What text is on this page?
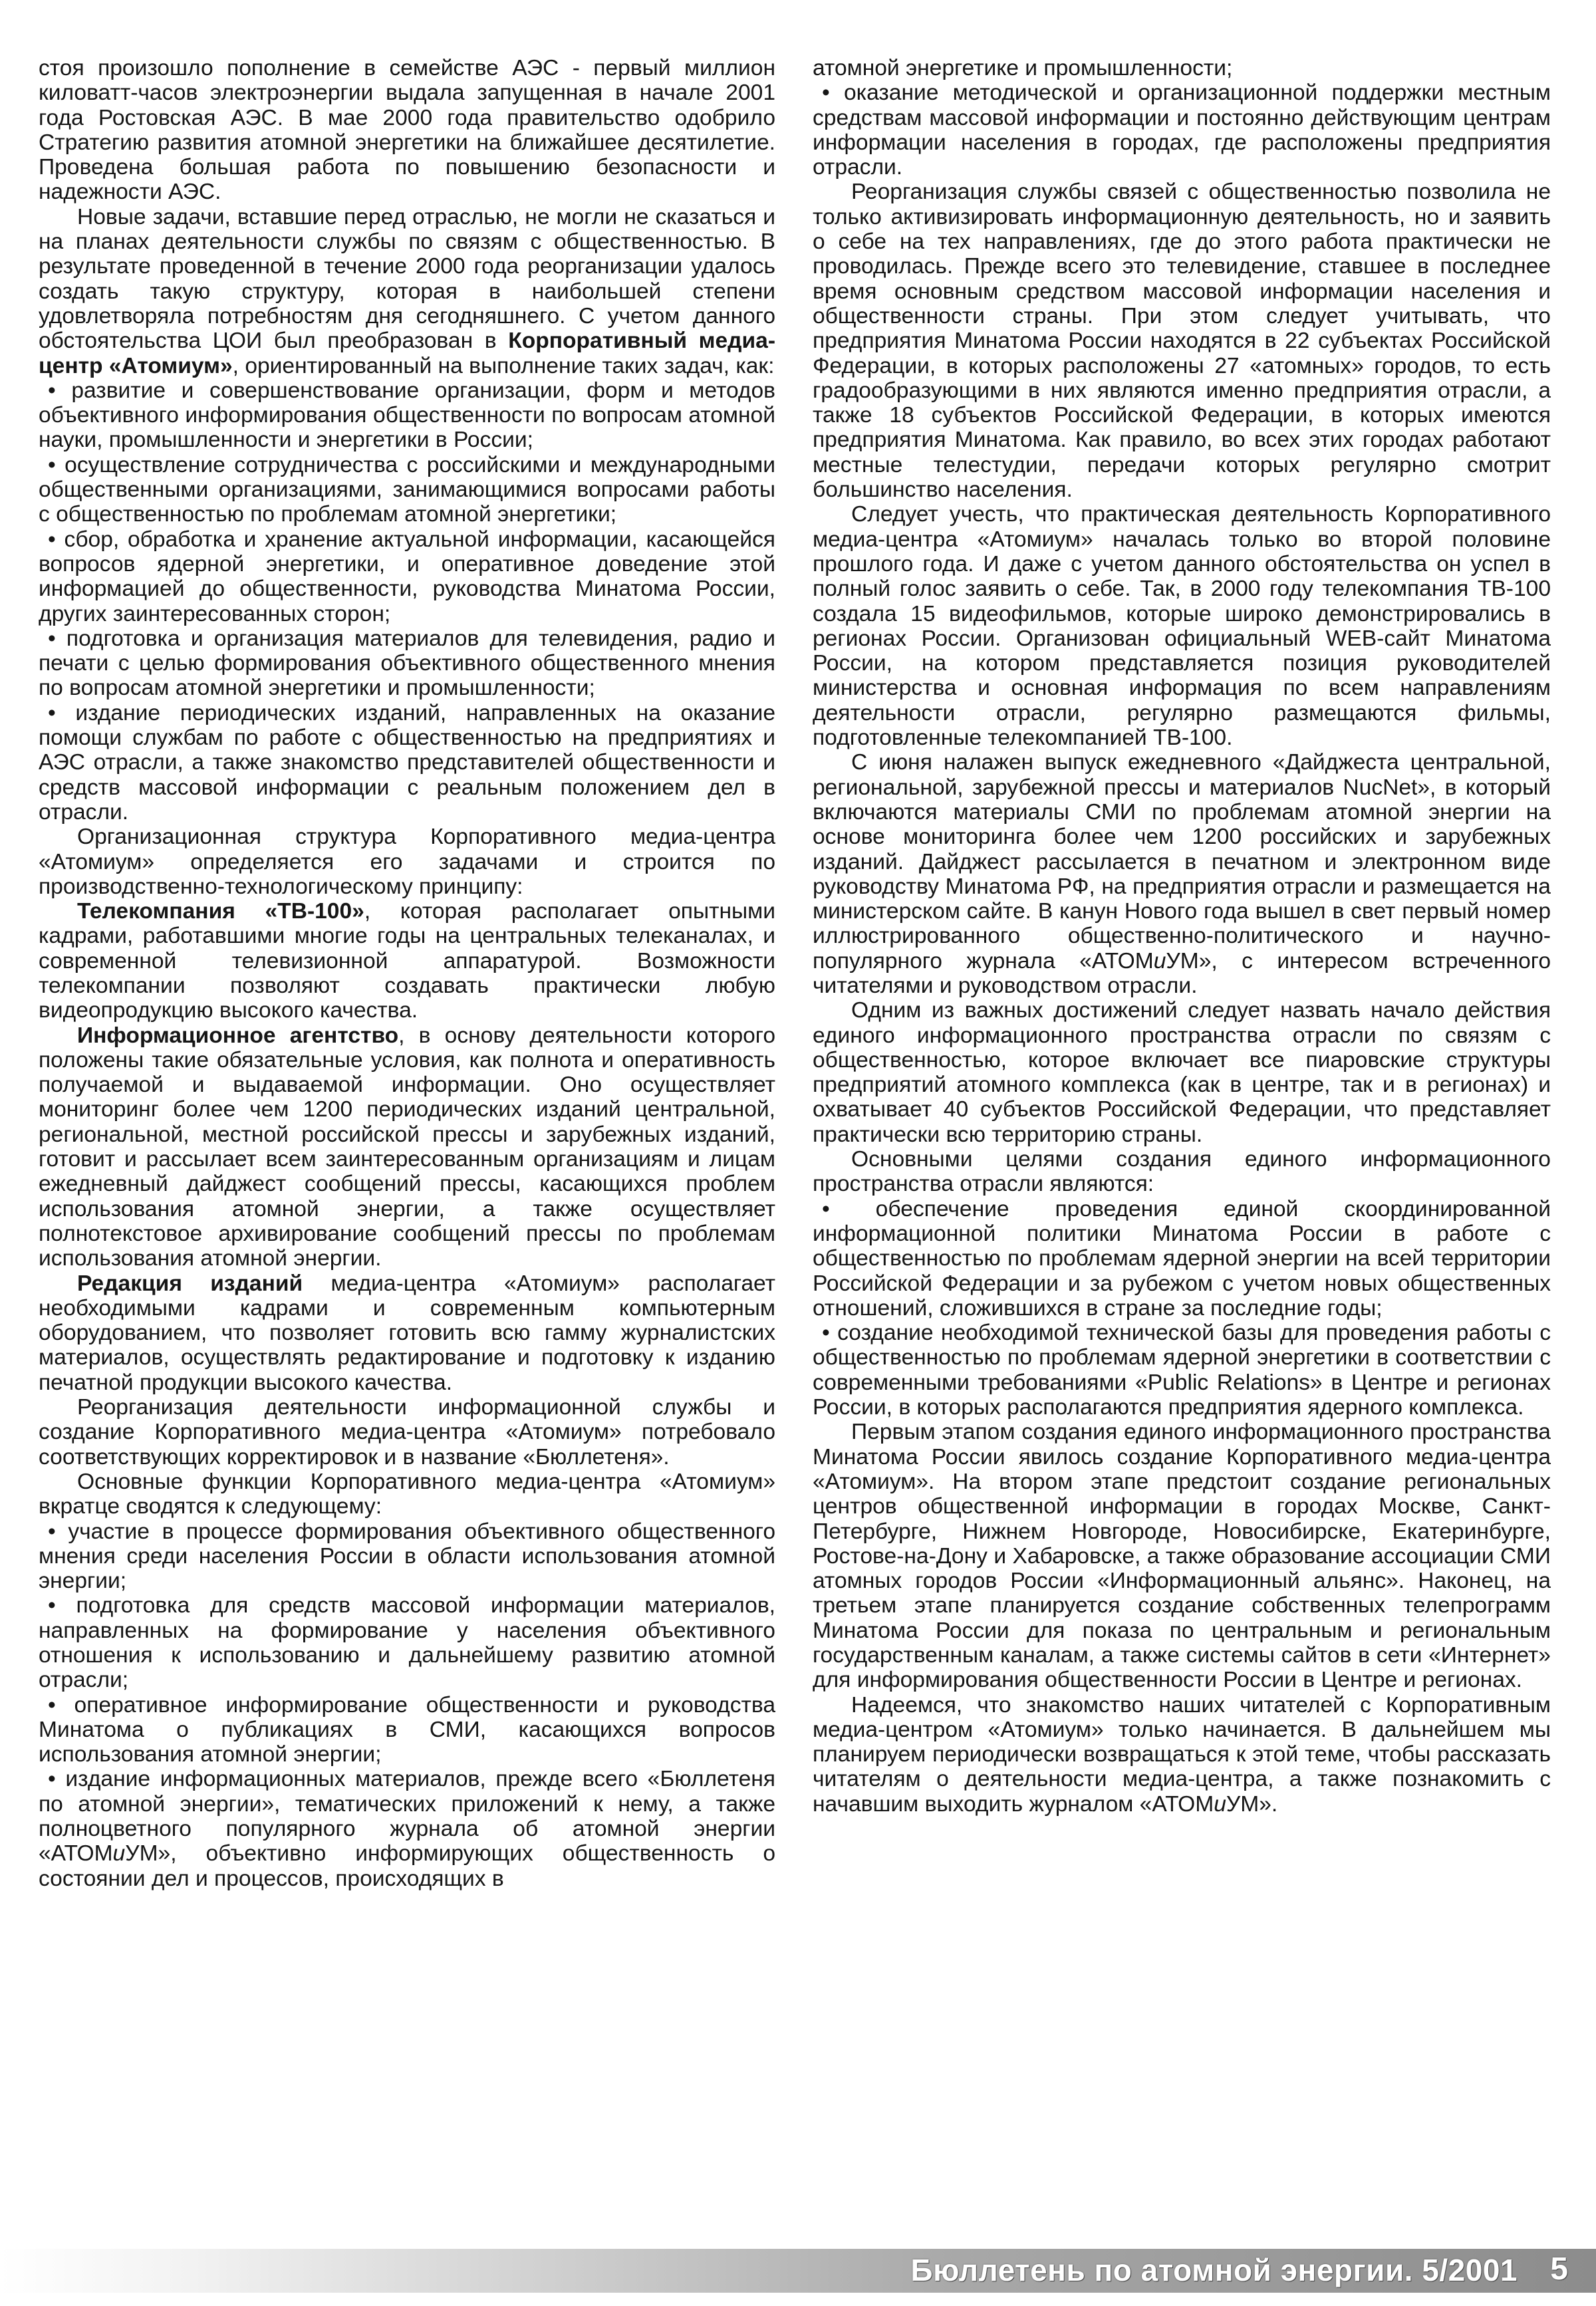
стоя произошло пополнение в семействе АЭС - первый миллион киловатт-часов электроэнергии выдала запущенная в начале 2001 года Ростовская АЭС. В мае 2000 года правительство одобрило Стратегию развития атомной энергетики на ближайшее десятилетие. Проведена большая работа по повышению безопасности и надежности АЭС.

Новые задачи, вставшие перед отраслью, не могли не сказаться и на планах деятельности службы по связям с общественностью. В результате проведенной в течение 2000 года реорганизации удалось создать такую структуру, которая в наибольшей степени удовлетворяла потребностям дня сегодняшнего. С учетом данного обстоятельства ЦОИ был преобразован в Корпоративный медиа-центр «Атомиум», ориентированный на выполнение таких задач, как:

• развитие и совершенствование организации, форм и методов объективного информирования общественности по вопросам атомной науки, промышленности и энергетики в России;

• осуществление сотрудничества с российскими и международными общественными организациями, занимающимися вопросами работы с общественностью по проблемам атомной энергетики;

• сбор, обработка и хранение актуальной информации, касающейся вопросов ядерной энергетики, и оперативное доведение этой информацией до общественности, руководства Минатома России, других заинтересованных сторон;

• подготовка и организация материалов для телевидения, радио и печати с целью формирования объективного общественного мнения по вопросам атомной энергетики и промышленности;

• издание периодических изданий, направленных на оказание помощи службам по работе с общественностью на предприятиях и АЭС отрасли, а также знакомство представителей общественности и средств массовой информации с реальным положением дел в отрасли.

Организационная структура Корпоративного медиа-центра «Атомиум» определяется его задачами и строится по производственно-технологическому принципу:

Телекомпания «ТВ-100», которая располагает опытными кадрами, работавшими многие годы на центральных телеканалах, и современной телевизионной аппаратурой. Возможности телекомпании позволяют создавать практически любую видеопродукцию высокого качества.

Информационное агентство, в основу деятельности которого положены такие обязательные условия, как полнота и оперативность получаемой и выдаваемой информации. Оно осуществляет мониторинг более чем 1200 периодических изданий центральной, региональной, местной российской прессы и зарубежных изданий, готовит и рассылает всем заинтересованным организациям и лицам ежедневный дайджест сообщений прессы, касающихся проблем использования атомной энергии, а также осуществляет полнотекстовое архивирование сообщений прессы по проблемам использования атомной энергии.

Редакция изданий медиа-центра «Атомиум» располагает необходимыми кадрами и современным компьютерным оборудованием, что позволяет готовить всю гамму журналистских материалов, осуществлять редактирование и подготовку к изданию печатной продукции высокого качества.

Реорганизация деятельности информационной службы и создание Корпоративного медиа-центра «Атомиум» потребовало соответствующих корректировок и в название «Бюллетеня».

Основные функции Корпоративного медиа-центра «Атомиум» вкратце сводятся к следующему:

• участие в процессе формирования объективного общественного мнения среди населения России в области использования атомной энергии;

• подготовка для средств массовой информации материалов, направленных на формирование у населения объективного отношения к использованию и дальнейшему развитию атомной отрасли;

• оперативное информирование общественности и руководства Минатома о публикациях в СМИ, касающихся вопросов использования атомной энергии;

• издание информационных материалов, прежде всего «Бюллетеня по атомной энергии», тематических приложений к нему, а также полноцветного популярного журнала об атомной энергии «АТОМиУМ», объективно информирующих общественность о состоянии дел и процессов, происходящих в

атомной энергетике и промышленности;

• оказание методической и организационной поддержки местным средствам массовой информации и постоянно действующим центрам информации населения в городах, где расположены предприятия отрасли.

Реорганизация службы связей с общественностью позволила не только активизировать информационную деятельность, но и заявить о себе на тех направлениях, где до этого работа практически не проводилась. Прежде всего это телевидение, ставшее в последнее время основным средством массовой информации населения и общественности страны. При этом следует учитывать, что предприятия Минатома России находятся в 22 субъектах Российской Федерации, в которых расположены 27 «атомных» городов, то есть градообразующими в них являются именно предприятия отрасли, а также 18 субъектов Российской Федерации, в которых имеются предприятия Минатома. Как правило, во всех этих городах работают местные телестудии, передачи которых регулярно смотрит большинство населения.

Следует учесть, что практическая деятельность Корпоративного медиа-центра «Атомиум» началась только во второй половине прошлого года. И даже с учетом данного обстоятельства он успел в полный голос заявить о себе. Так, в 2000 году телекомпания ТВ-100 создала 15 видеофильмов, которые широко демонстрировались в регионах России. Организован официальный WEB-сайт Минатома России, на котором представляется позиция руководителей министерства и основная информация по всем направлениям деятельности отрасли, регулярно размещаются фильмы, подготовленные телекомпанией ТВ-100.

С июня налажен выпуск ежедневного «Дайджеста центральной, региональной, зарубежной прессы и материалов NucNet», в который включаются материалы СМИ по проблемам атомной энергии на основе мониторинга более чем 1200 российских и зарубежных изданий. Дайджест рассылается в печатном и электронном виде руководству Минатома РФ, на предприятия отрасли и размещается на министерском сайте. В канун Нового года вышел в свет первый номер иллюстрированного общественно-политического и научно-популярного журнала «АТОМиУМ», с интересом встреченного читателями и руководством отрасли.

Одним из важных достижений следует назвать начало действия единого информационного пространства отрасли по связям с общественностью, которое включает все пиаровские структуры предприятий атомного комплекса (как в центре, так и в регионах) и охватывает 40 субъектов Российской Федерации, что представляет практически всю территорию страны.

Основными целями создания единого информационного пространства отрасли являются:

• обеспечение проведения единой скоординированной информационной политики Минатома России в работе с общественностью по проблемам ядерной энергии на всей территории Российской Федерации и за рубежом с учетом новых общественных отношений, сложившихся в стране за последние годы;

• создание необходимой технической базы для проведения работы с общественностью по проблемам ядерной энергетики в соответствии с современными требованиями «Public Relations» в Центре и регионах России, в которых располагаются предприятия ядерного комплекса.

Первым этапом создания единого информационного пространства Минатома России явилось создание Корпоративного медиа-центра «Атомиум». На втором этапе предстоит создание региональных центров общественной информации в городах Москве, Санкт-Петербурге, Нижнем Новгороде, Новосибирске, Екатеринбурге, Ростове-на-Дону и Хабаровске, а также образование ассоциации СМИ атомных городов России «Информационный альянс». Наконец, на третьем этапе планируется создание собственных телепрограмм Минатома России для показа по центральным и региональным государственным каналам, а также системы сайтов в сети «Интернет» для информирования общественности России в Центре и регионах.

Надеемся, что знакомство наших читателей с Корпоративным медиа-центром «Атомиум» только начинается. В дальнейшем мы планируем периодически возвращаться к этой теме, чтобы рассказать читателям о деятельности медиа-центра, а также познакомить с начавшим выходить журналом «АТОМиУМ».

Бюллетень по атомной энергии. 5/2001 5
